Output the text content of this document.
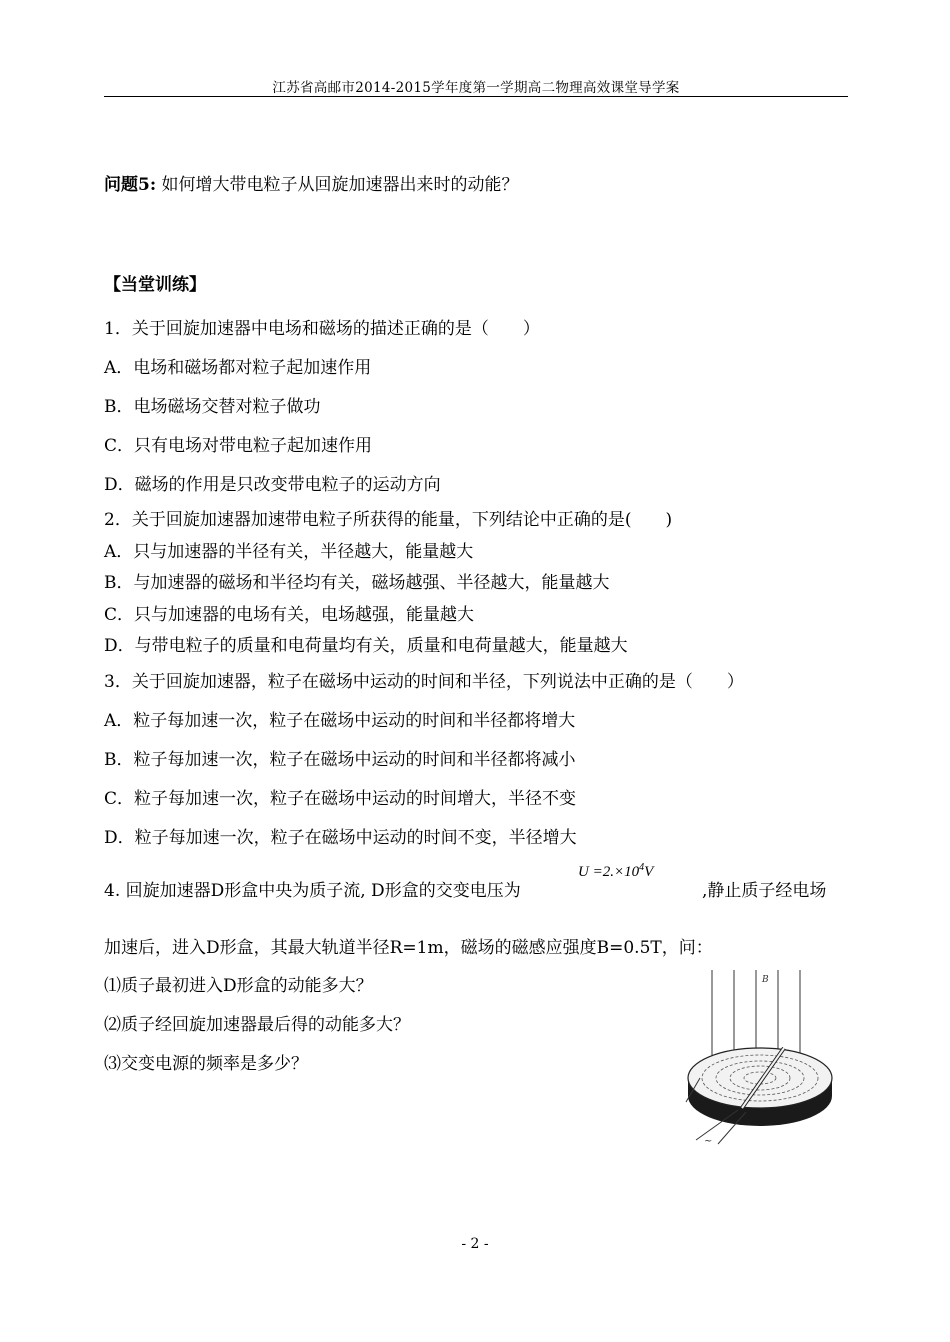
江苏省高邮市2014-2015学年度第一学期高二物理高效课堂导学案
问题5: 如何增大带电粒子从回旋加速器出来时的动能？
【当堂训练】
1．关于回旋加速器中电场和磁场的描述正确的是（　　）
A．电场和磁场都对粒子起加速作用
B．电场磁场交替对粒子做功
C．只有电场对带电粒子起加速作用
D．磁场的作用是只改变带电粒子的运动方向
2．关于回旋加速器加速带电粒子所获得的能量，下列结论中正确的是(　　)
A．只与加速器的半径有关，半径越大，能量越大
B．与加速器的磁场和半径均有关，磁场越强、半径越大，能量越大
C．只与加速器的电场有关，电场越强，能量越大
D．与带电粒子的质量和电荷量均有关，质量和电荷量越大，能量越大
3．关于回旋加速器，粒子在磁场中运动的时间和半径，下列说法中正确的是（　　）
A．粒子每加速一次，粒子在磁场中运动的时间和半径都将增大
B．粒子每加速一次，粒子在磁场中运动的时间和半径都将减小
C．粒子每加速一次，粒子在磁场中运动的时间增大，半径不变
D．粒子每加速一次，粒子在磁场中运动的时间不变，半径增大
4. 回旋加速器D形盒中央为质子流, D形盒的交变电压为
$U =2.\times 10^4V$
,静止质子经电场
加速后，进入D形盒，其最大轨道半径R=1m，磁场的磁感应强度B=0.5T，问：
⑴质子最初进入D形盒的动能多大？
⑵质子经回旋加速器最后得的动能多大？
⑶交变电源的频率是多少？
B
~
- 2 -
